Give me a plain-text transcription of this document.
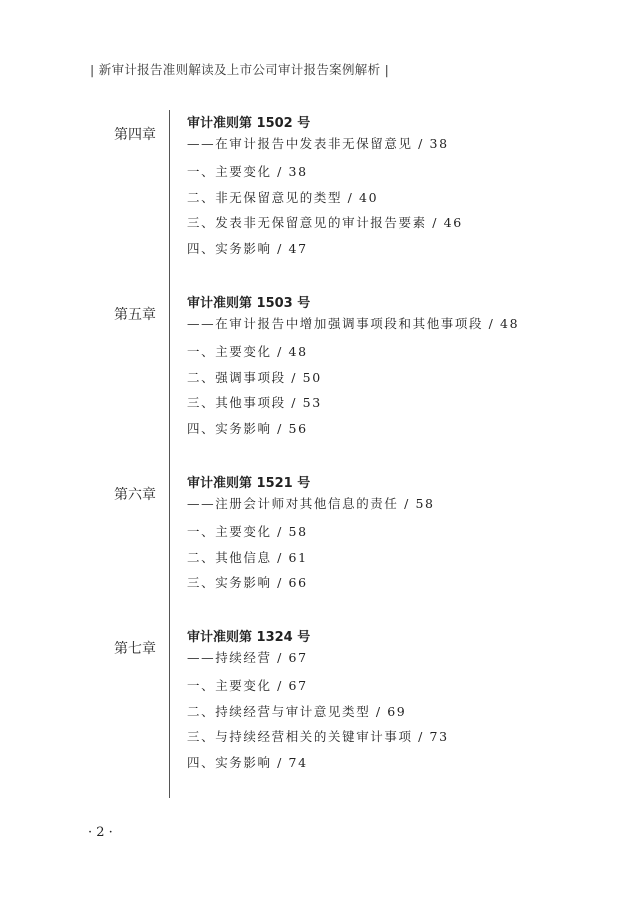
| 新审计报告准则解读及上市公司审计报告案例解析 |
第四章
审计准则第 1502 号
——在审计报告中发表非无保留意见 / 38
一、主要变化 / 38
二、非无保留意见的类型 / 40
三、发表非无保留意见的审计报告要素 / 46
四、实务影响 / 47
第五章
审计准则第 1503 号
——在审计报告中增加强调事项段和其他事项段 / 48
一、主要变化 / 48
二、强调事项段 / 50
三、其他事项段 / 53
四、实务影响 / 56
第六章
审计准则第 1521 号
——注册会计师对其他信息的责任 / 58
一、主要变化 / 58
二、其他信息 / 61
三、实务影响 / 66
第七章
审计准则第 1324 号
——持续经营 / 67
一、主要变化 / 67
二、持续经营与审计意见类型 / 69
三、与持续经营相关的关键审计事项 / 73
四、实务影响 / 74
· 2 ·
